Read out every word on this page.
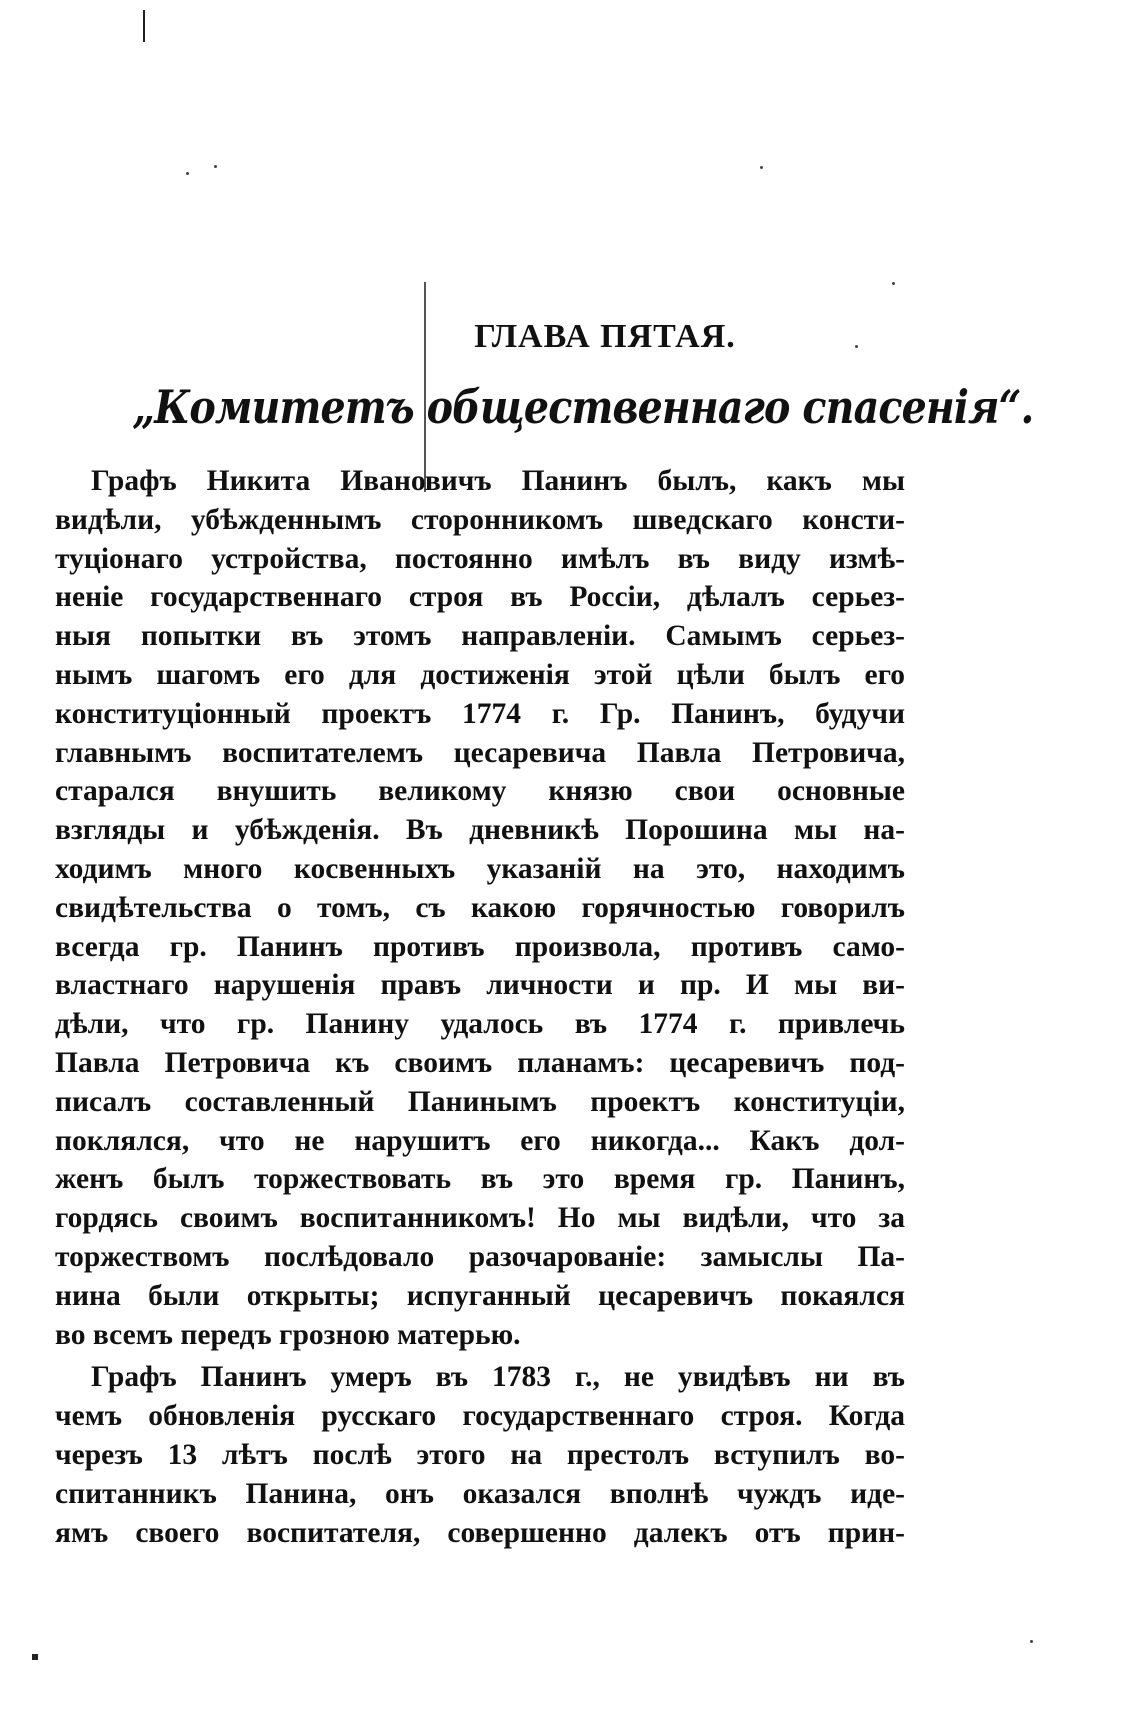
ГЛАВА ПЯТАЯ.
„Комитетъ общественнаго спасенія“.
Графъ Никита Ивановичъ Панинъ былъ, какъ мы
видѣли, убѣжденнымъ сторонникомъ шведскаго консти-
туціонаго устройства, постоянно имѣлъ въ виду измѣ-
неніе государственнаго строя въ Россіи, дѣлалъ серьез-
ныя попытки въ этомъ направленіи. Самымъ серьез-
нымъ шагомъ его для достиженія этой цѣли былъ его
конституціонный проектъ 1774 г. Гр. Панинъ, будучи
главнымъ воспитателемъ цесаревича Павла Петровича,
старался внушить великому князю свои основные
взгляды и убѣжденія. Въ дневникѣ Порошина мы на-
ходимъ много косвенныхъ указаній на это, находимъ
свидѣтельства о томъ, съ какою горячностью говорилъ
всегда гр. Панинъ противъ произвола, противъ само-
властнаго нарушенія правъ личности и пр. И мы ви-
дѣли, что гр. Панину удалось въ 1774 г. привлечь
Павла Петровича къ своимъ планамъ: цесаревичъ под-
писалъ составленный Панинымъ проектъ конституціи,
поклялся, что не нарушитъ его никогда... Какъ дол-
женъ былъ торжествовать въ это время гр. Панинъ,
гордясь своимъ воспитанникомъ! Но мы видѣли, что за
торжествомъ послѣдовало разочарованіе: замыслы Па-
нина были открыты; испуганный цесаревичъ покаялся
во всемъ передъ грозною матерью.
Графъ Панинъ умеръ въ 1783 г., не увидѣвъ ни въ
чемъ обновленія русскаго государственнаго строя. Когда
черезъ 13 лѣтъ послѣ этого на престолъ вступилъ во-
спитанникъ Панина, онъ оказался вполнѣ чуждъ иде-
ямъ своего воспитателя, совершенно далекъ отъ прин-
